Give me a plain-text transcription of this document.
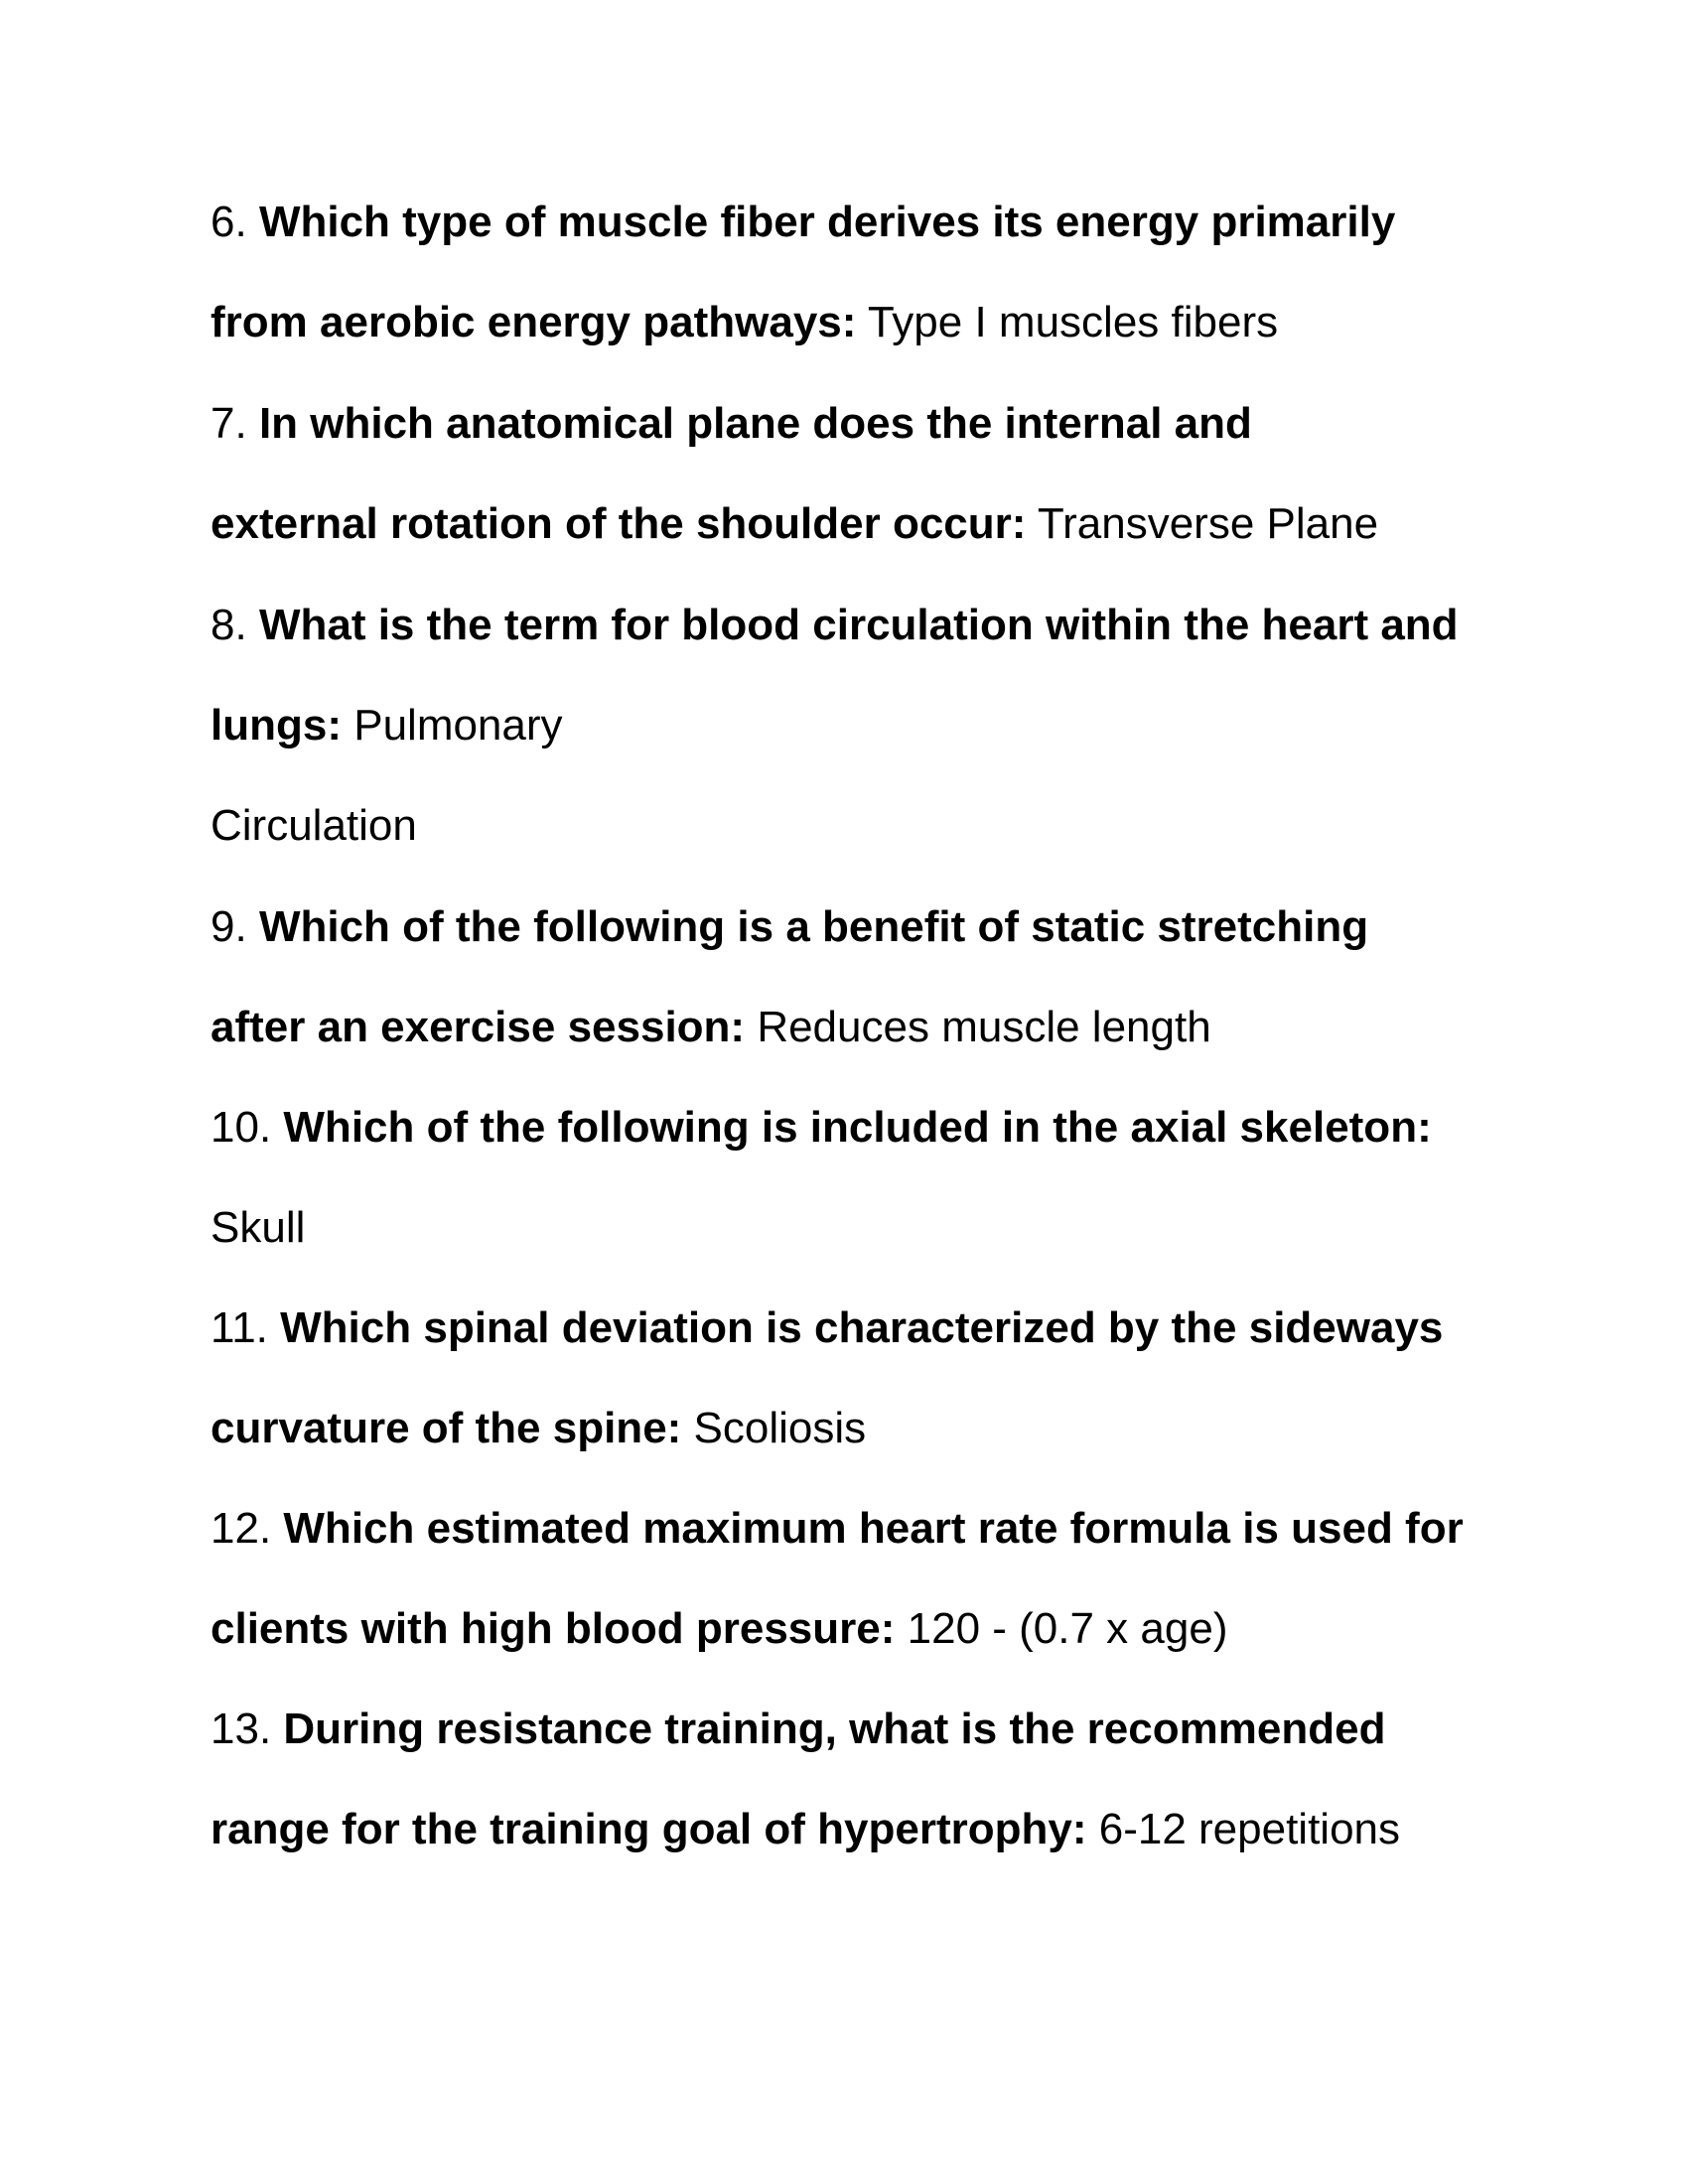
6. Which type of muscle fiber derives its energy primarily
from aerobic energy pathways: Type I muscles fibers
7. In which anatomical plane does the internal and
external rotation of the shoulder occur: Transverse Plane
8. What is the term for blood circulation within the heart and
lungs: Pulmonary
Circulation
9. Which of the following is a benefit of static stretching
after an exercise session: Reduces muscle length
10. Which of the following is included in the axial skeleton:
Skull
11. Which spinal deviation is characterized by the sideways
curvature of the spine: Scoliosis
12. Which estimated maximum heart rate formula is used for
clients with high blood pressure: 120 - (0.7 x age)
13. During resistance training, what is the recommended
range for the training goal of hypertrophy: 6-12 repetitions
